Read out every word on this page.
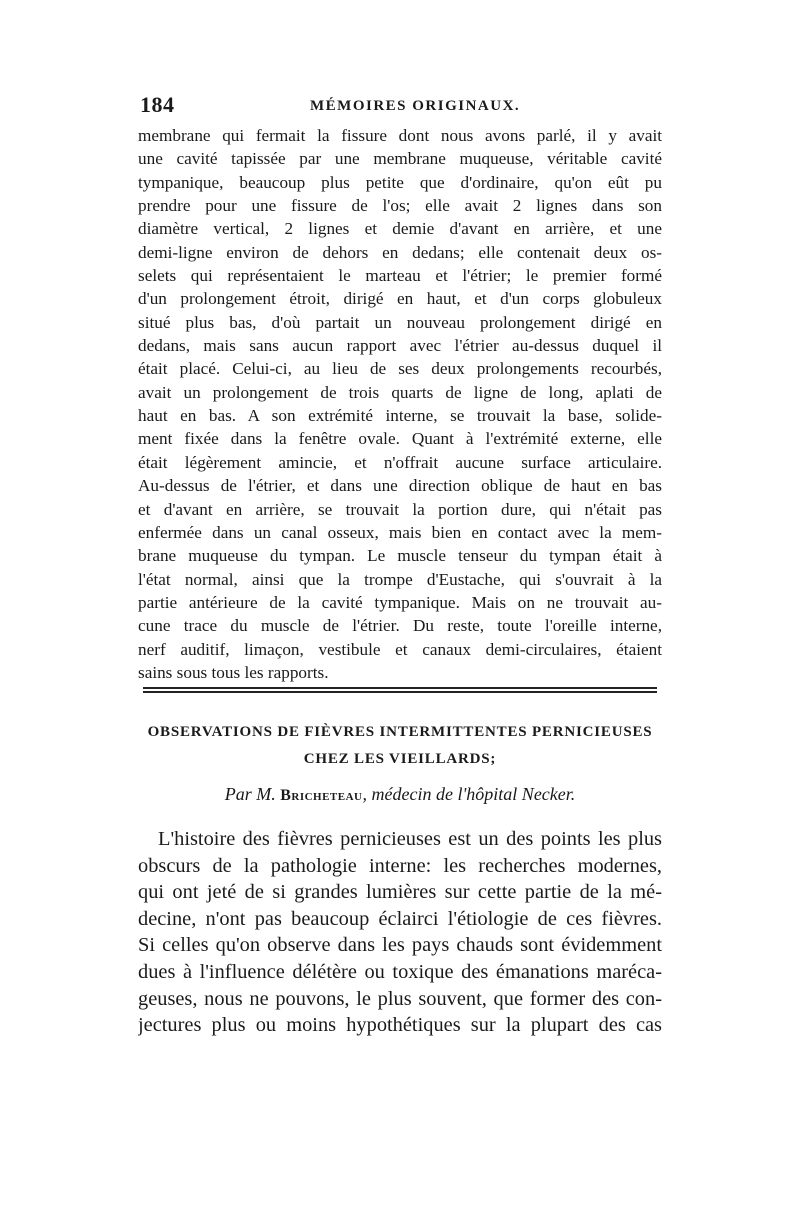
184	MÉMOIRES ORIGINAUX.
membrane qui fermait la fissure dont nous avons parlé, il y avait
une cavité tapissée par une membrane muqueuse, véritable cavité
tympanique, beaucoup plus petite que d'ordinaire, qu'on eût pu
prendre pour une fissure de l'os; elle avait 2 lignes dans son
diamètre vertical, 2 lignes et demie d'avant en arrière, et une
demi-ligne environ de dehors en dedans; elle contenait deux os-
selets qui représentaient le marteau et l'étrier; le premier formé
d'un prolongement étroit, dirigé en haut, et d'un corps globuleux
situé plus bas, d'où partait un nouveau prolongement dirigé en
dedans, mais sans aucun rapport avec l'étrier au-dessus duquel il
était placé. Celui-ci, au lieu de ses deux prolongements recourbés,
avait un prolongement de trois quarts de ligne de long, aplati de
haut en bas. A son extrémité interne, se trouvait la base, solide-
ment fixée dans la fenêtre ovale. Quant à l'extrémité externe, elle
était légèrement amincie, et n'offrait aucune surface articulaire.
Au-dessus de l'étrier, et dans une direction oblique de haut en bas
et d'avant en arrière, se trouvait la portion dure, qui n'était pas
enfermée dans un canal osseux, mais bien en contact avec la mem-
brane muqueuse du tympan. Le muscle tenseur du tympan était à
l'état normal, ainsi que la trompe d'Eustache, qui s'ouvrait à la
partie antérieure de la cavité tympanique. Mais on ne trouvait au-
cune trace du muscle de l'étrier. Du reste, toute l'oreille interne,
nerf auditif, limaçon, vestibule et canaux demi-circulaires, étaient
sains sous tous les rapports.
OBSERVATIONS DE FIÈVRES INTERMITTENTES PERNICIEUSES
CHEZ LES VIEILLARDS;
Par M. Bricheteau, médecin de l'hôpital Necker.
L'histoire des fièvres pernicieuses est un des points les plus
obscurs de la pathologie interne: les recherches modernes,
qui ont jeté de si grandes lumières sur cette partie de la mé-
decine, n'ont pas beaucoup éclairci l'étiologie de ces fièvres.
Si celles qu'on observe dans les pays chauds sont évidemment
dues à l'influence délétère ou toxique des émanations maréca-
geuses, nous ne pouvons, le plus souvent, que former des con-
jectures plus ou moins hypothétiques sur la plupart des cas
